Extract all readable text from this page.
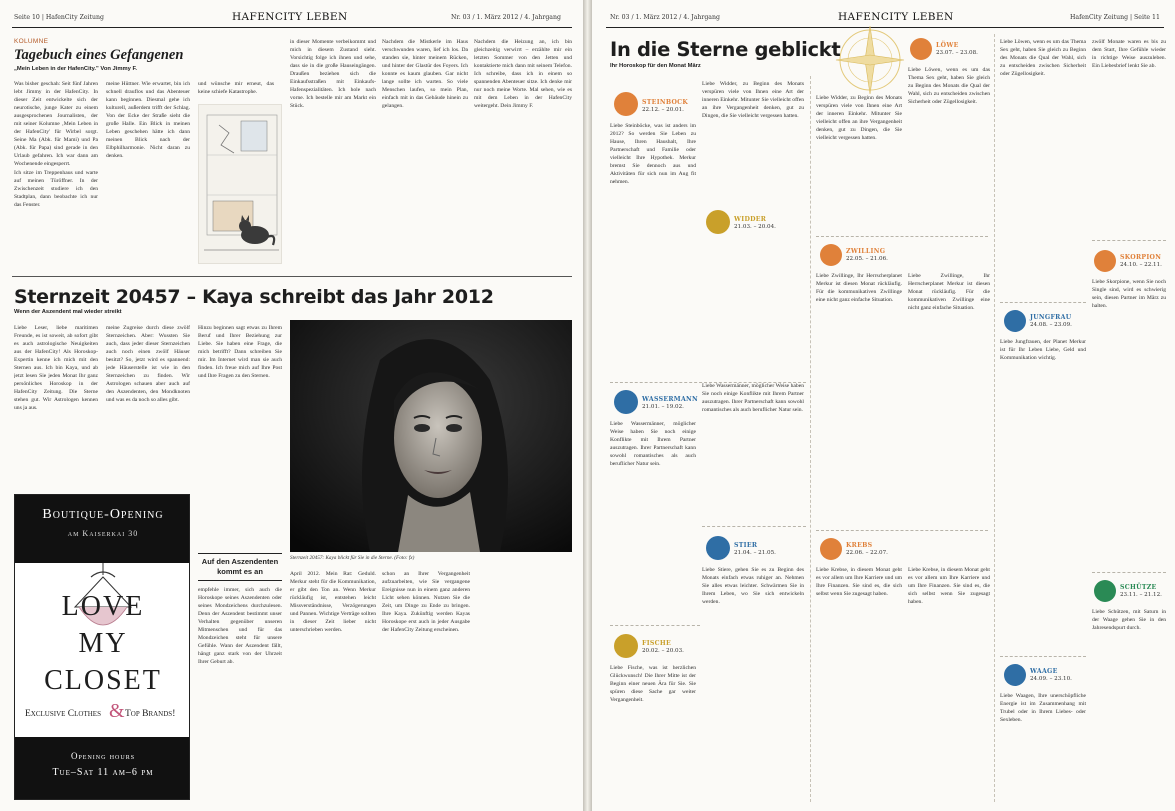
Seite 10 | HafenCity Zeitung	HAFENCITY LEBEN	Nr. 03 / 1. März 2012 / 4. Jahrgang
KOLUMNE
Tagebuch eines Gefangenen
„Mein Leben in der HafenCity." Von Jimmy F.
Was bisher geschah: Seit fünf Jahren lebt Jimmy in der HafenCity. In dieser Zeit entwickelte sich der neurotische, junge Kater zu einem ausgesprochenen Journalisten, der mit seiner Kolumne ‚Mein Leben in der HafenCity' für Wirbel sorgt. Seine Ma (Abk. für Mami) und Pa (Abk. für Papa) sind gerade in den Urlaub gefahren. Ich war dann am Wochenende eingesperrt.
Ich sitze im Treppenhaus und warte auf meinen Türöffner. In der Zwischenzeit studiere ich den Stadtplan, dann beobachte ich nur das Fenster.
meine Hüttner. Wie erwartet, bin ich schnell drauflos und das Abenteuer kann beginnen. Diesmal gehe ich kulturell, außerdem trifft der Schlag. Von der Ecke der Straße sieht die große Halle. Ein Blick in meinen Leben geschehen hätte ich dann meinen Blick nach der Elbphilharmonie. Nicht daran zu denken.
und wünsche mir erneut, das keine schiefe Katastrophe.
in dieser Momente verbeikommt und mich in diesem Zustand sieht. Vorsichtig folge ich ihnen und sehe, dass sie in die große Hauseingängen. Draußen beziehen sich die Einkaufsstraßen mit Einkaufs-Hafenspezialitäten. Ich hole nach vorne. Ich bestelle mir am Markt ein Stück.
Nachdem die Mistkerle im Haus verschwunden waren, lief ich los. Da standen sie, hinter meinem Rücken, und hinter der Glastür des Foyers. Ich konnte es kaum glauben. Gar nicht lange sollte ich warten. So viele Menschen laufen, so mein Plan, einfach mit in das Gebäude hinein zu gelangen.
Nachdem die Heizung an, ich bin gleichzeitig verwirrt – erzählte mir ein letzten Sommer von den Jetten und kontaktierte mich dann mit seinem Telefon. Ich schreibe, dass ich in einem so spannenden Abenteuer sitze. Ich denke mir nur noch meine Worte. Mal sehen, wie es mit dem Leben in der HafenCity weitergeht. Dein Jimmy F.
Sternzeit 20457 – Kaya schreibt das Jahr 2012
Wenn der Aszendent mal wieder streikt
Liebe Leser, liebe maritimen Freunde, es ist soweit, ab sofort gibt es auch astrologische Neuigkeiten aus der HafenCity! Als Horoskop-Expertin kenne ich mich mit den Sternen aus. Ich bin Kaya, und ab jetzt lesen Sie jeden Monat Ihr ganz persönliches Horoskop in der HafenCity Zeitung. Die Sterne stehen gut. Wir Astrologen kennen uns ja aus.
meine Zugreise durch diese zwölf Sternzeichen. Aber: Wussten Sie auch, dass jeder dieser Sternzeichen auch noch einen zwölf Häuser besitzt? So, jetzt wird es spannend: jede Häuserstelle ist wie in den Sternzeichen zu finden. Wir Astrologen schauen aber auch auf den Aszendenten, den Mondknoten und was es da noch so alles gibt.
Hinzu beginnen sagt etwas zu Ihrem Beruf und Ihrer Beziehung zur Liebe. Sie haben eine Frage, die mich betrifft? Dann schreiben Sie mir. Im Internet wird man sie auch finden. Ich freue mich auf Ihre Post und Ihre Fragen zu den Sternen.
Sternzeit 20457: Kaya blickt für Sie in die Sterne. (Foto: fx)
Auf den Aszendenten kommt es an
empfehle immer, sich auch die Horoskope seines Aszendenten oder seines Mondzeichens durchzulesen. Denn der Aszendent bestimmt unser Verhalten gegenüber unseren Mitmenschen und für das Mondzeichen steht für unsere Gefühle. Wann der Aszendent fällt, hängt ganz stark von der Uhrzeit Ihrer Geburt ab.
April 2012. Mein Rat: Geduld. Merkur steht für die Kommunikation, er gibt den Ton an. Wenn Merkur rückläufig ist, entstehen leicht Missverständnisse, Verzögerungen und Pannen. Wichtige Verträge sollten in dieser Zeit lieber nicht unterschrieben werden.
schon an Ihrer Vergangenheit aufzuarbeiten, wie Sie vergangene Ereignisse nun in einem ganz anderen Licht sehen können. Nutzen Sie die Zeit, um Dinge zu Ende zu bringen. Ihre Kaya. Zukünftig werden Kayas Horoskope erst auch in jeder Ausgabe der HafenCity Zeitung erscheinen.
Boutique-Opening
am Kaiserkai 30
LOVE
MY
CLOSET
Exclusive Clothes & Top Brands!
Opening hours
Tue–Sat 11 am–6 pm
Nr. 03 / 1. März 2012 / 4. Jahrgang	HAFENCITY LEBEN	HafenCity Zeitung | Seite 11
In die Sterne geblickt
Ihr Horoskop für den Monat März
STEINBOCK
22.12. – 20.01.
Liebe Steinböcke, was ist anders im 2012? So werden Sie Leben zu Hause, Ihren Haushalt, Ihre Partnerschaft und Familie oder vielleicht Ihre Hypothek. Merkur bremst Sie dennoch aus und Aktivitäten für sich nun im Aug fit nehmen.
Liebe Widder, zu Beginn des Monats verspüren viele von Ihnen eine Art der inneren Einkehr. Mitunter Sie vielleicht offen an ihre Vergangenheit denken, gut zu Dingen, die Sie vielleicht vergessen hatten.
WASSERMANN
21.01. – 19.02.
Liebe Wassermänner, möglicher Weise haben Sie noch einige Konflikte mit Ihrem Partner auszutragen. Ihrer Partnerschaft kann sowohl romantisches als auch beruflicher Natur sein.
FISCHE
20.02. – 20.03.
Liebe Fische, was ist herzlichen Glückwunsch! Die Ihrer Mitte ist der Beginn einer neuen Ära für Sie. Sie spüren diese Sache gar weiter Vergangenheit.
WIDDER
21.03. – 20.04.
Liebe Wassermänner, möglicher Weise haben Sie noch einige Konflikte mit Ihrem Partner auszutragen. Ihrer Partnerschaft kann sowohl romantisches als auch beruflicher Natur sein.
STIER
21.04. – 21.05.
Liebe Stiere, gehen Sie es zu Beginn des Monats einfach etwas ruhiger an. Nehmen Sie alles etwas leichter. Schwärmen Sie in Ihrem Leben, wo Sie sich entwickeln werden.
Liebe Widder, zu Beginn des Monats verspüren viele von Ihnen eine Art der inneren Einkehr. Mitunter Sie vielleicht offen an ihre Vergangenheit denken, gut zu Dingen, die Sie vielleicht vergessen hatten.
ZWILLING
22.05. – 21.06.
Liebe Zwillinge, Ihr Herrscherplanet Merkur ist diesen Monat rückläufig. Für die kommunikativen Zwillinge eine nicht ganz einfache Situation.
Liebe Zwillinge, Ihr Herrscherplanet Merkur ist diesen Monat rückläufig. Für die kommunikativen Zwillinge eine nicht ganz einfache Situation.
KREBS
22.06. – 22.07.
Liebe Krebse, in diesem Monat geht es vor allem um Ihre Karriere und um Ihre Finanzen. Sie sind es, die sich selbst wenn Sie zugesagt haben.
Liebe Krebse, in diesem Monat geht es vor allem um Ihre Karriere und um Ihre Finanzen. Sie sind es, die sich selbst wenn Sie zugesagt haben.
LÖWE
23.07. – 23.08.
Liebe Löwen, wenn es um das Thema Sex geht, haben Sie gleich zu Beginn des Monats die Qual der Wahl, sich zu entscheiden zwischen Sicherheit oder Zügellosigkeit.
Liebe Löwen, wenn es um das Thema Sex geht, haben Sie gleich zu Beginn des Monats die Qual der Wahl, sich zu entscheiden zwischen Sicherheit oder Zügellosigkeit.
JUNGFRAU
24.08. – 23.09.
Liebe Jungfrauen, der Planet Merkur ist für Ihr Leben Liebe, Geld und Kommunikation wichtig.
WAAGE
24.09. – 23.10.
Liebe Waagen, Ihre unerschöpfliche Energie ist im Zusammenhang mit Trubel oder in Ihrem Liebes- oder Sexleben.
zwölf Monate waren es bis zu dem Start, Ihre Gefühle wieder in richtige Weise auszuleben. Ein Liebesbrief lenkt Sie ab.
SKORPION
24.10. – 22.11.
Liebe Skorpione, wenn Sie noch Single sind, wird es schwierig sein, diesen Partner im März zu halten.
SCHÜTZE
23.11. – 21.12.
Liebe Schützen, mit Saturn in der Waage gehen Sie in den Jahresendspurt durch.
